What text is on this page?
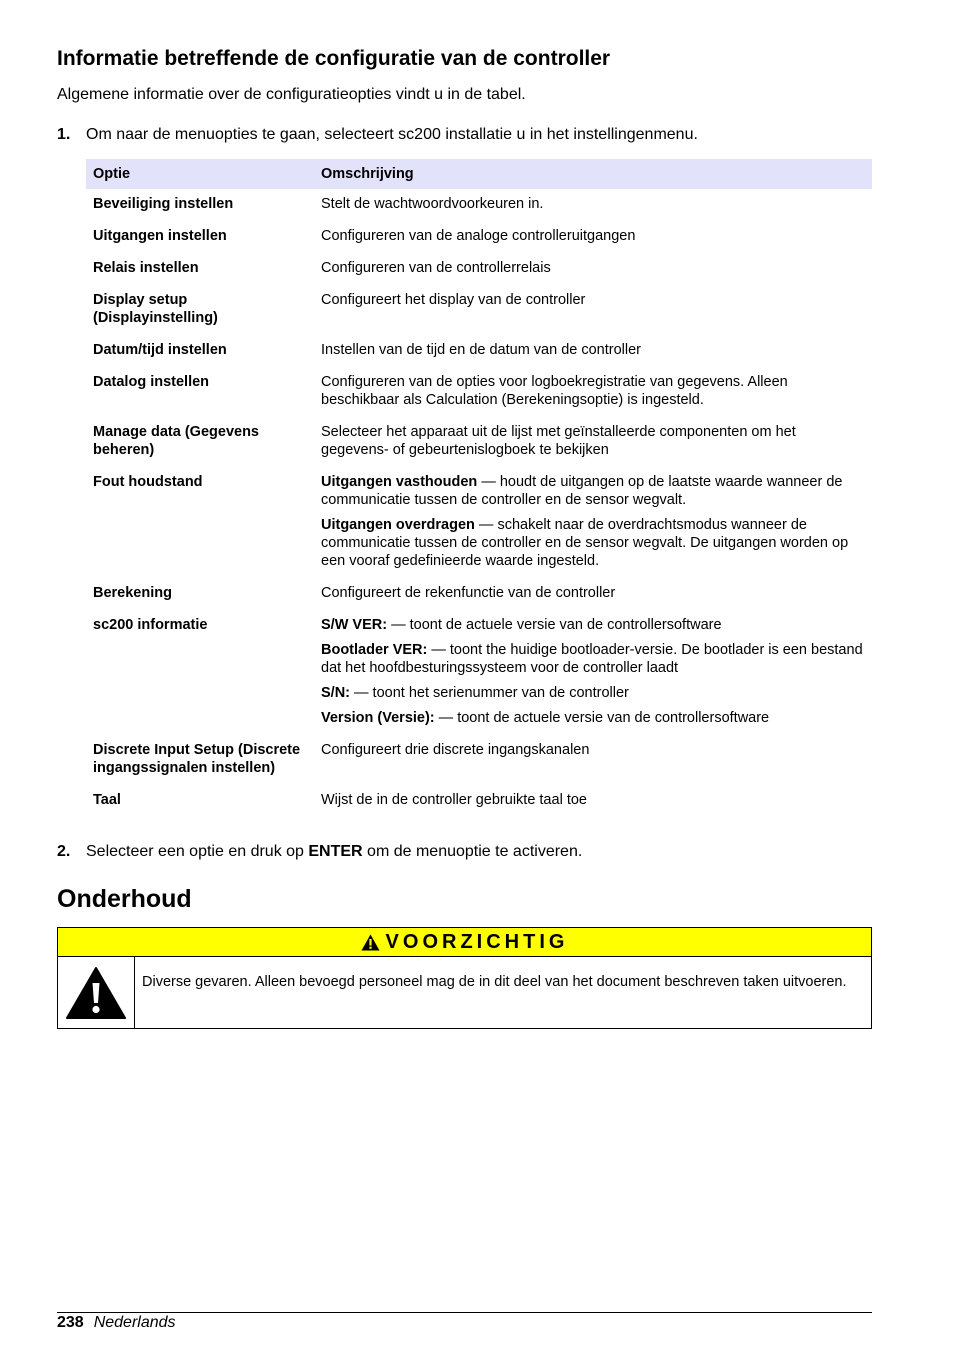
Informatie betreffende de configuratie van de controller

Algemene informatie over de configuratieopties vindt u in de tabel.

1. Om naar de menuopties te gaan, selecteert sc200 installatie u in het instellingenmenu.
Optie	Omschrijving
Beveiliging instellen	Stelt de wachtwoordvoorkeuren in.

Uitgangen instellen	Configureren van de analoge controlleruitgangen

Relais instellen	Configureren van de controllerrelais

Display setup (Displayinstelling)	Configureert het display van de controller

Datum/tijd instellen	Instellen van de tijd en de datum van de controller

Datalog instellen	Configureren van de opties voor logboekregistratie van gegevens. Alleen beschikbaar als Calculation (Berekeningsoptie) is ingesteld.

Manage data (Gegevens beheren)	Selecteer het apparaat uit de lijst met geïnstalleerde componenten om het gegevens- of gebeurtenislogboek te bekijken

Fout houdstand	Uitgangen vasthouden — houdt de uitgangen op de laatste waarde wanneer de communicatie tussen de controller en de sensor wegvalt.
Uitgangen overdragen — schakelt naar de overdrachtsmodus wanneer de communicatie tussen de controller en de sensor wegvalt. De uitgangen worden op een vooraf gedefinieerde waarde ingesteld.

Berekening	Configureert de rekenfunctie van de controller

sc200 informatie	S/W VER: — toont de actuele versie van de controllersoftware
Bootlader VER: — toont the huidige bootloader-versie. De bootlader is een bestand dat het hoofdbesturingssysteem voor de controller laadt
S/N: — toont het serienummer van de controller
Version (Versie): — toont de actuele versie van de controllersoftware

Discrete Input Setup (Discrete ingangssignalen instellen)	Configureert drie discrete ingangskanalen

Taal	Wijst de in de controller gebruikte taal toe
2. Selecteer een optie en druk op ENTER om de menuoptie te activeren.
Onderhoud
VOORZICHTIG
Diverse gevaren. Alleen bevoegd personeel mag de in dit deel van het document beschreven taken uitvoeren.
238 Nederlands
